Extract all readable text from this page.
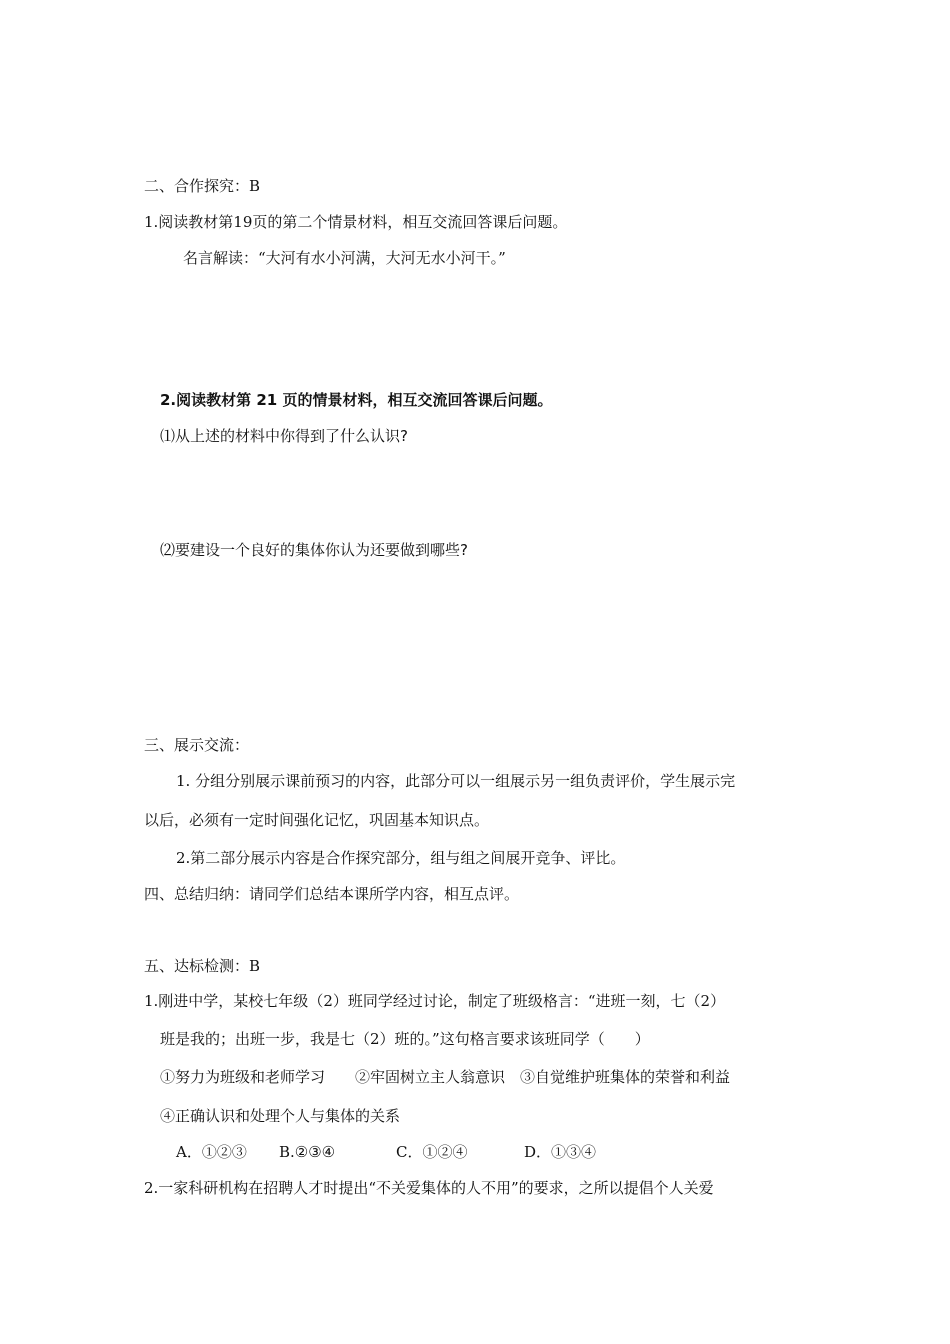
二、合作探究：B
1.阅读教材第19页的第二个情景材料，相互交流回答课后问题。
名言解读：“大河有水小河满，大河无水小河干。”
2.阅读教材第 21 页的情景材料，相互交流回答课后问题。
⑴从上述的材料中你得到了什么认识?
⑵要建设一个良好的集体你认为还要做到哪些?
三、展示交流：
1. 分组分别展示课前预习的内容，此部分可以一组展示另一组负责评价，学生展示完
以后，必须有一定时间强化记忆，巩固基本知识点。
2.第二部分展示内容是合作探究部分，组与组之间展开竞争、评比。
四、总结归纳：请同学们总结本课所学内容，相互点评。
五、达标检测：B
1.刚进中学，某校七年级（2）班同学经过讨论，制定了班级格言：“进班一刻，七（2）
班是我的；出班一步，我是七（2）班的。”这句格言要求该班同学（　　）
①努力为班级和老师学习　　②牢固树立主人翁意识　③自觉维护班集体的荣誉和利益
④正确认识和处理个人与集体的关系
A．①②③ B.②③④	C．①②④	D．①③④
2.一家科研机构在招聘人才时提出“不关爱集体的人不用”的要求，之所以提倡个人关爱
